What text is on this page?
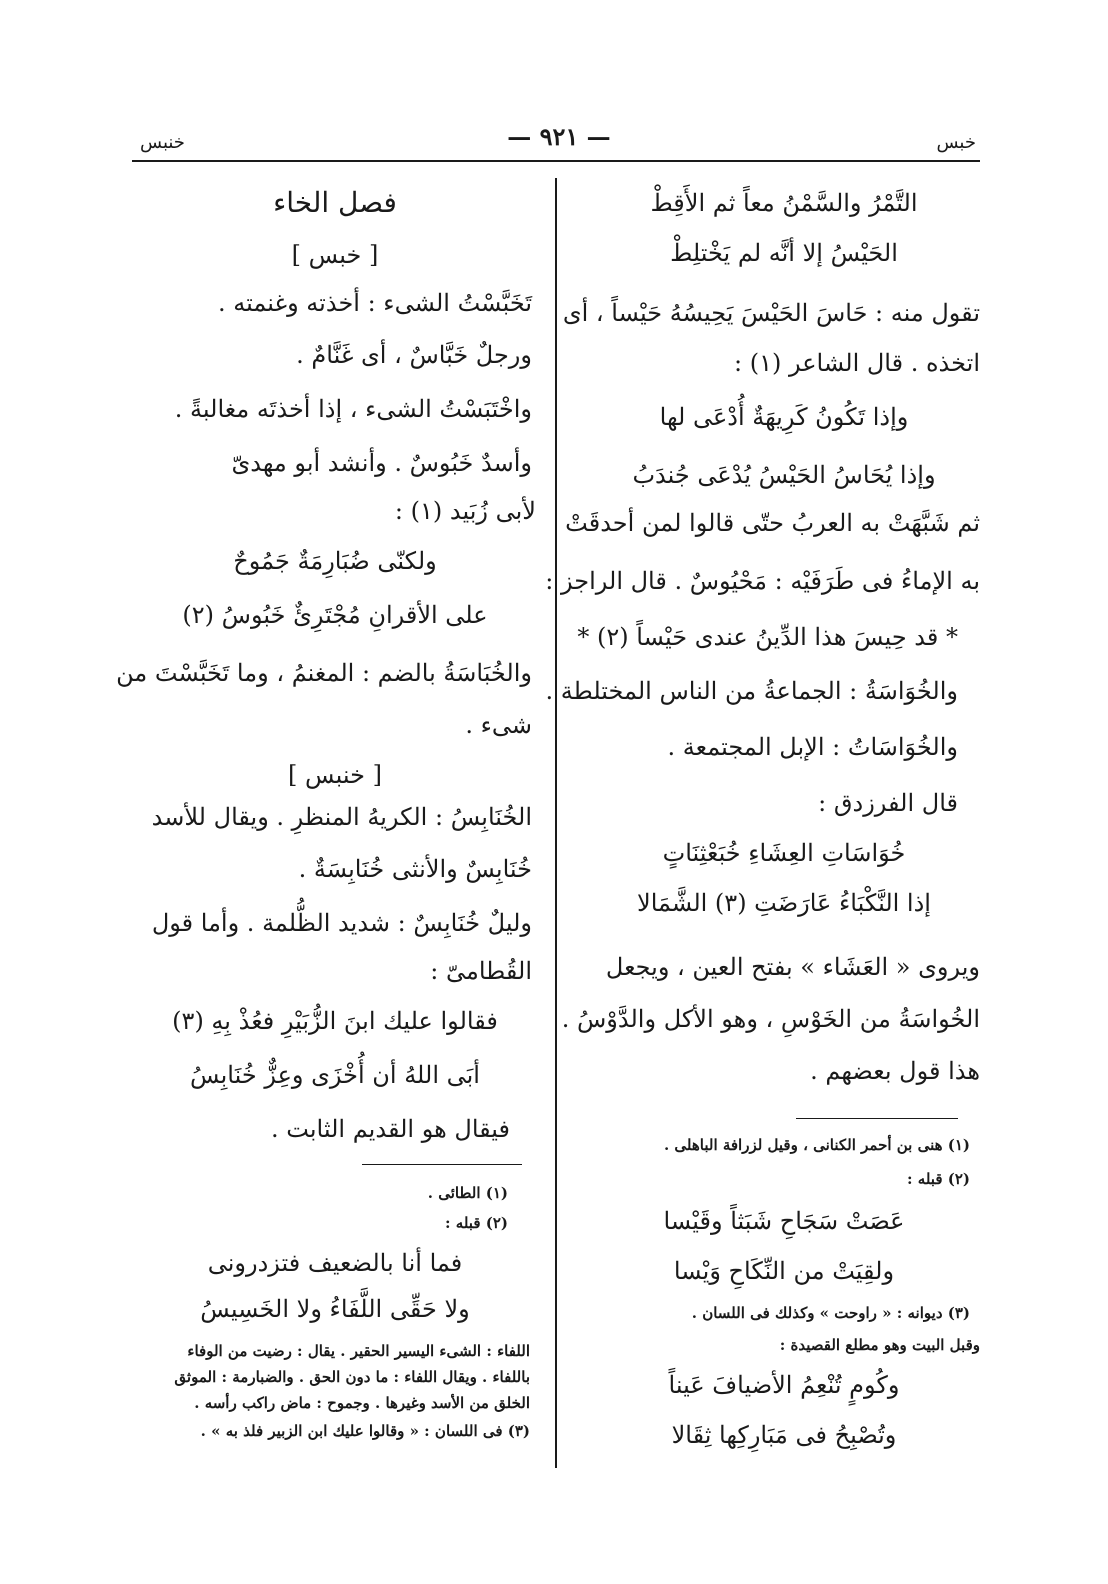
خبس
— ٩٢١ —
خنبس
التَّمْرُ والسَّمْنُ معاً ثم الأَقِطْ
الحَيْسُ إلا أنَّه لم يَخْتلِطْ
تقول منه : حَاسَ الحَيْسَ يَحِيسُهُ حَيْساً ، أى
اتخذه . قال الشاعر (١) :
وإذا تَكُونُ كَرِيهَةٌ أُدْعَى لها
وإذا يُحَاسُ الحَيْسُ يُدْعَى جُندَبُ
ثم شَبَّهَتْ به العربُ حتّى قالوا لمن أحدقَتْ
به الإماءُ فى طَرَفَيْه : مَحْيُوسٌ . قال الراجز :
* قد حِيسَ هذا الدِّينُ عندى حَيْساً (٢) *
والخُوَاسَةُ : الجماعةُ من الناس المختلطة .
والخُوَاسَاتُ : الإبل المجتمعة .
قال الفرزدق :
خُوَاسَاتِ العِشَاءِ خُبَعْثِنَاتٍ
إذا النَّكْبَاءُ عَارَضَتِ (٣) الشَّمَالا
ويروى « العَشَاء » بفتح العين ، ويجعل
الخُواسَةُ من الخَوْسِ ، وهو الأكل والدَّوْسُ .
هذا قول بعضهم .
(١) هنى بن أحمر الكنانى ، وقيل لزرافة الباهلى .
(٢) قبله :
عَصَتْ سَجَاحِ شَبَثاً وقَيْسا
ولقِيَتْ من النِّكَاحِ وَيْسا
(٣) ديوانه : « راوحت » وكذلك فى اللسان .
وقبل البيت وهو مطلع القصيدة :
وكُومٍ تُنْعِمُ الأضيافَ عَيناً
وتُصْبِحُ فى مَبَارِكِها ثِقَالا
فصل الخاء
[ خبس ]
تَخَبَّسْتُ الشىء : أخذته وغنمته .
ورجلٌ خَبَّاسٌ ، أى غَنَّامٌ .
واخْتَبَسْتُ الشىء ، إذا أخذتَه مغالبةً .
وأسدٌ خَبُوسٌ . وأنشد أبو مهدىّ
لأبى زُبَيد (١) :
ولكنّى ضُبَارِمَةٌ جَمُوحٌ
على الأقرانِ مُجْتَرِئٌ خَبُوسُ (٢)
والخُبَاسَةُ بالضم : المغنمُ ، وما تَخَبَّسْتَ من
شىء .
[ خنبس ]
الخُنَابِسُ : الكريهُ المنظرِ . ويقال للأسد
خُنَابِسٌ والأنثى خُنَابِسَةٌ .
وليلٌ خُنَابِسٌ : شديد الظُّلمة . وأما قول
القُطامىّ :
فقالوا عليك ابنَ الزُّبَيْرِ فعُذْ بِهِ (٣)
أبَى اللهُ أن أُخْزَى وعِزٌّ خُنَابِسُ
فيقال هو القديم الثابت .
(١) الطائى .
(٢) قبله :
فما أنا بالضعيف فتزدرونى
ولا حَقِّى اللَّفَاءُ ولا الخَسِيسُ
اللفاء : الشىء اليسير الحقير . يقال : رضيت من الوفاء
باللفاء . ويقال اللفاء : ما دون الحق . والضبارمة : الموثق
الخلق من الأسد وغيرها . وجموح : ماض راكب رأسه .
(٣) فى اللسان : « وقالوا عليك ابن الزبير فلذ به » .
